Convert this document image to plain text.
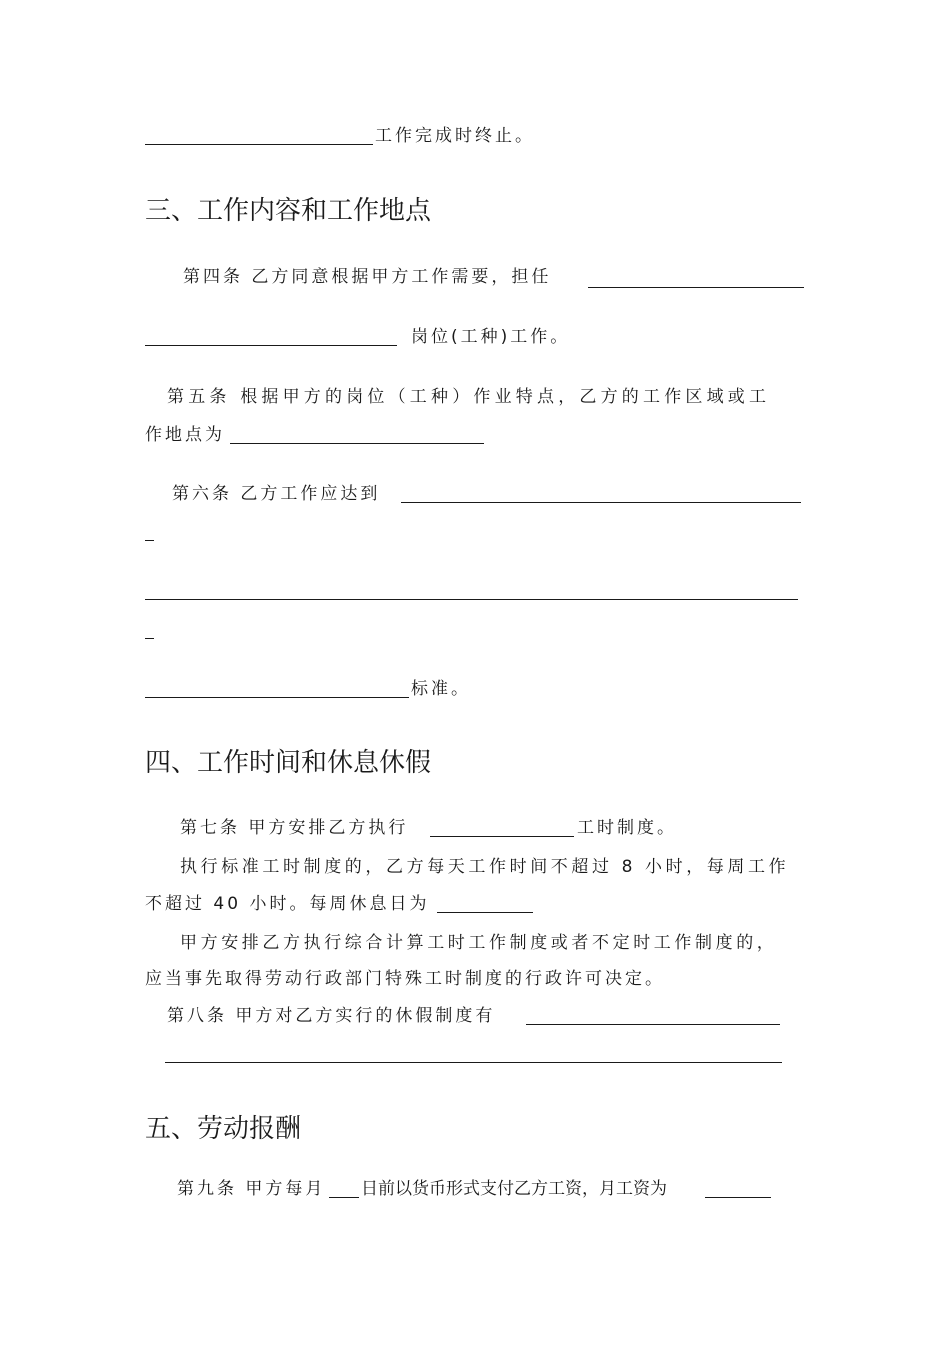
工作完成时终止。
三、工作内容和工作地点
第四条 乙方同意根据甲方工作需要，担任
岗位(工种)工作。
第五条 根据甲方的岗位（工种）作业特点，乙方的工作区域或工
作地点为
第六条 乙方工作应达到
标准。
四、工作时间和休息休假
第七条 甲方安排乙方执行	工时制度。
执行标准工时制度的，乙方每天工作时间不超过 8 小时，每周工作
不超过 40 小时。每周休息日为
甲方安排乙方执行综合计算工时工作制度或者不定时工作制度的，
应当事先取得劳动行政部门特殊工时制度的行政许可决定。
第八条 甲方对乙方实行的休假制度有
五、劳动报酬
第九条 甲方每月 日前以货币形式支付乙方工资，月工资为
